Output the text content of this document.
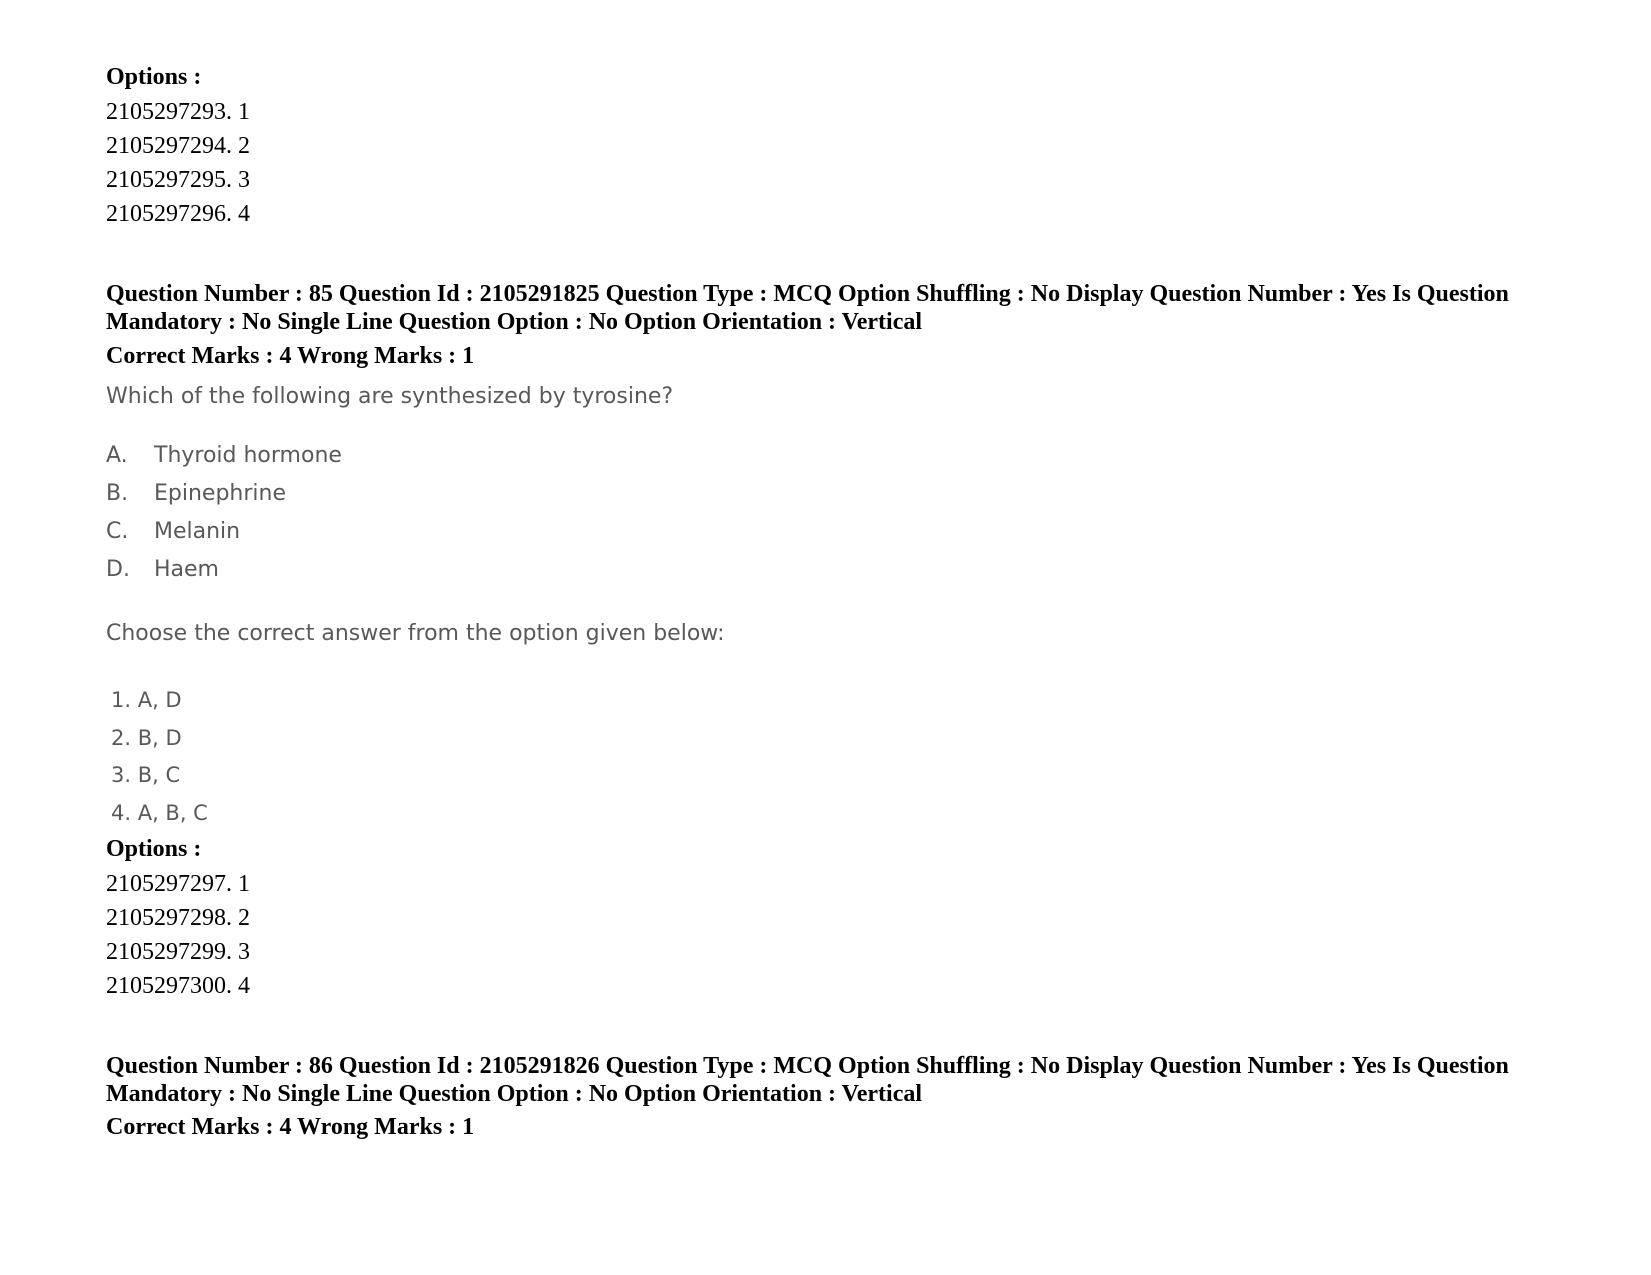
Options :

2105297293. 1

2105297294. 2

2105297295. 3

2105297296. 4

Question Number : 85 Question Id : 2105291825 Question Type : MCQ Option Shuffling : No Display Question Number : Yes Is Question Mandatory : No Single Line Question Option : No Option Orientation : Vertical
Correct Marks : 4 Wrong Marks : 1
Which of the following are synthesized by tyrosine?
A. Thyroid hormone
B. Epinephrine
C. Melanin
D. Haem
Choose the correct answer from the option given below:
1. A, D
2. B, D
3. B, C
4. A, B, C
Options :

2105297297. 1

2105297298. 2

2105297299. 3

2105297300. 4

Question Number : 86 Question Id : 2105291826 Question Type : MCQ Option Shuffling : No Display Question Number : Yes Is Question Mandatory : No Single Line Question Option : No Option Orientation : Vertical
Correct Marks : 4 Wrong Marks : 1
